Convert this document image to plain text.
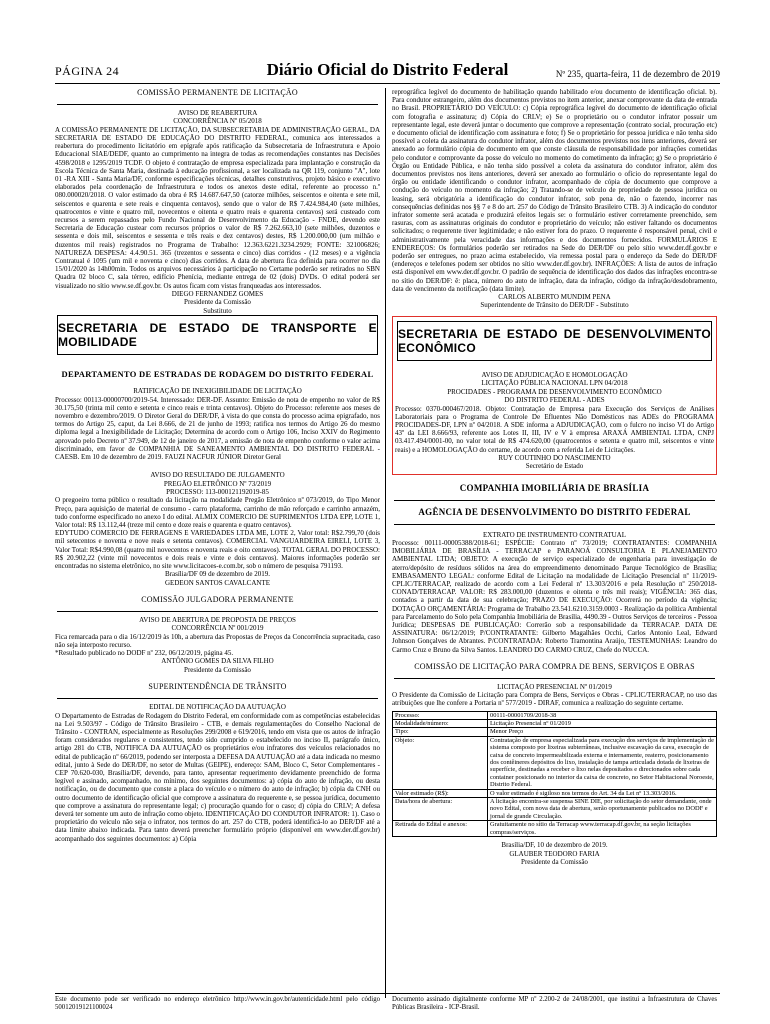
PÁGINA 24	Diário Oficial do Distrito Federal	Nº 235, quarta-feira, 11 de dezembro de 2019
COMISSÃO PERMANENTE DE LICITAÇÃO
AVISO DE REABERTURA
CONCORRÊNCIA Nº 05/2018

A COMISSÃO PERMANENTE DE LICITAÇÃO, DA SUBSECRETARIA DE ADMINISTRAÇÃO GERAL, DA SECRETARIA DE ESTADO DE EDUCAÇÃO DO DISTRITO FEDERAL, comunica aos interessados a reabertura do procedimento licitatório em epígrafe após ratificação da Subsecretaria de Infraestrutura e Apoio Educacional SIAE/DEDF, quanto ao cumprimento na integra de todas as recomendações constantes nas Decisões 4598/2018 e 1295/2019 TCDF. O objeto é contratação de empresa especializada para implantação e construção da Escola Técnica de Santa Maria, destinada à educação profissional, a ser localizada na QR 119, conjunto "A", lote 01 -RA XIII - Santa Maria/DF, conforme especificações técnicas, detalhes construtivos, projeto básico e executivo elaborados pela coordenação de Infraestrutura e todos os anexos deste edital, referente ao processo n.º 080.000020/2018. O valor estimado da obra é R$ 14.687.647,50 (catorze milhões, seiscentos e oitenta e sete mil, seiscentos e quarenta e sete reais e cinquenta centavos), sendo que o valor de R$ 7.424.984,40 (sete milhões, quatrocentos e vinte e quatro mil, novecentos e oitenta e quatro reais e quarenta centavos) será custeado com recursos a serem repassados pelo Fundo Nacional de Desenvolvimento da Educação - FNDE, devendo este Secretaria de Educação custear com recursos próprios o valor de R$ 7.262.663,10 (sete milhões, duzentos e sessenta e dois mil, seiscentos e sessenta e três reais e dez centavos) destes, R$ 1.200.000,00 (um milhão e duzentos mil reais) registrados no Programa de Trabalho: 12.363.6221.3234.2929; FONTE: 321006826; NATUREZA DESPESA: 4.4.90.51. 365 (trezentos e sessenta e cinco) dias corridos - (12 meses) e a vigência Contratual é 1095 (um mil e noventa e cinco) dias corridos. A data de abertura fica definida para ocorrer no dia 15/01/2020 às 14h00min. Todos os arquivos necessários à participação no Certame poderão ser retirados no SBN Quadra 02 bloco C, sala térreo, edifício Phenícia, mediante entrega de 02 (dois) DVDs. O edital poderá ser visualizado no sítio www.se.df.gov.br. Os autos ficam com vistas franqueadas aos interessados.

DIEGO FERNANDEZ GOMES
Presidente da Comissão
Substituto
SECRETARIA DE ESTADO DE TRANSPORTE E MOBILIDADE
DEPARTAMENTO DE ESTRADAS DE RODAGEM DO DISTRITO FEDERAL
RATIFICAÇÃO DE INEXIGIBILIDADE DE LICITAÇÃO

Processo: 00113-00000700/2019-54. Interessado: DER-DF. Assunto: Emissão de nota de empenho no valor de R$ 30.175,50 (trinta mil cento e setenta e cinco reais e trinta centavos). Objeto do Processo: referente aos meses de novembro e dezembro/2019. O Diretor Geral do DER/DF, à vista do que consta do processo acima epigrafado, nos termos do Artigo 25, caput, da Lei 8.666, de 21 de junho de 1993; ratifica nos termos do Artigo 26 do mesmo diploma legal a Inexigibilidade de Licitação; Determina de acordo com o Artigo 106, Inciso XXIV do Regimento aprovado pelo Decreto nº 37.949, de 12 de janeiro de 2017, a emissão de nota de empenho conforme o valor acima discriminado, em favor de COMPANHIA DE SANEAMENTO AMBIENTAL DO DISTRITO FEDERAL - CAESB. Em 10 de dezembro de 2019. FAUZI NACFUR JÚNIOR Diretor Geral

AVISO DO RESULTADO DE JULGAMENTO
PREGÃO ELETRÔNICO Nº 73/2019
PROCESSO: 113-000121192019-85

O pregoeiro torna público o resultado da licitação na modalidade Pregão Eletrônico nº 073/2019, do Tipo Menor Preço, para aquisição de material de consumo - carro plataforma, carrinho de mão reforçado e carrinho armazém, tudo conforme especificado no anexo I do edital. ALMIX COMERCIO DE SUPRIMENTOS LTDA EPP, LOTE 1, Valor total: R$ 13.112,44 (treze mil cento e doze reais e quarenta e quatro centavos).

EDYTUDO COMERCIO DE FERRAGENS E VARIEDADES LTDA ME, LOTE 2, Valor total: R$2.799,70 (dois mil setecentos e noventa e nove reais e setenta centavos). COMERCIAL VANGUARDEIRA EIRELI, LOTE 3, Valor Total: R$4.990,08 (quatro mil novecentos e noventa reais e oito centavos). TOTAL GERAL DO PROCESSO: R$ 20.902,22 (vinte mil novecentos e dois reais e vinte e dois centavos). Maiores informações poderão ser encontradas no sistema eletrônico, no site www.licitacoes-e.com.br, sob o número de pesquisa 791193.

Brasília/DF 09 de dezembro de 2019.
GEDEON SANTOS CAVALCANTE
COMISSÃO JULGADORA PERMANENTE
AVISO DE ABERTURA DE PROPOSTA DE PREÇOS
CONCORRÊNCIA Nº 001/2019

Fica remarcada para o dia 16/12/2019 às 10h, a abertura das Propostas de Preços da Concorrência supracitada, caso não seja interposto recurso.

*Resultado publicado no DODF nº 232, 06/12/2019, página 45.

ANTÔNIO GOMES DA SILVA FILHO
Presidente da Comissão
SUPERINTENDÊNCIA DE TRÂNSITO
EDITAL DE NOTIFICAÇÃO DA AUTUAÇÃO

O Departamento de Estradas de Rodagem do Distrito Federal, em conformidade com as competências estabelecidas na Lei 9.503/97 - Código de Trânsito Brasileiro - CTB, e demais regulamentações do Conselho Nacional de Trânsito - CONTRAN, especialmente as Resoluções 299/2008 e 619/2016, tendo em vista que os autos de infração foram considerados regulares e consistentes, tendo sido cumprido o estabelecido no inciso II, parágrafo único, artigo 281 do CTB, NOTIFICA DA AUTUAÇÃO os proprietários e/ou infratores dos veículos relacionados no edital de publicação nº 66/2019, podendo ser interposta a DEFESA DA AUTUAÇÃO até a data indicada no mesmo edital, junto à Sede do DER/DF, no setor de Multas (GEIPE), endereço: SAM, Bloco C, Setor Complementares - CEP 70.620-030, Brasília/DF, devendo, para tanto, apresentar requerimento devidamente preenchido de forma legível e assinado, acompanhado, no mínimo, dos seguintes documentos: a) cópia do auto de infração, ou desta notificação, ou de documento que conste a placa do veículo e o número do auto de infração; b) cópia da CNH ou outro documento de identificação oficial que comprove a assinatura do requerente e, se pessoa jurídica, documento que comprove a assinatura do representante legal; c) procuração quando for o caso; d) cópia do CRLV; A defesa deverá ter somente um auto de infração como objeto. IDENTIFICAÇÃO DO CONDUTOR INFRATOR: 1). Caso o proprietário do veículo não seja o infrator, nos termos do art. 257 do CTB, poderá identificá-lo ao DER/DF até a data limite abaixo indicada. Para tanto deverá preencher formulário próprio (disponível em www.der.df.gov.br) acompanhado dos seguintes documentos: a) Cópia

reprográfica legível do documento de habilitação quando habilitado e/ou documento de identificação oficial. b). Para condutor estrangeiro, além dos documentos previstos no item anterior, anexar comprovante da data de entrada no Brasil. PROPRIETÁRIO DO VEÍCULO: c) Cópia reprográfica legível do documento de identificação oficial com fotografia e assinatura; d) Cópia do CRLV; e) Se o proprietário ou o condutor infrator possuir um representante legal, este deverá juntar o documento que comprove a representação (contrato social, procuração etc) e documento oficial de identificação com assinatura e foto; f) Se o proprietário for pessoa jurídica e não tenha sido possível a coleta da assinatura do condutor infrator, além dos documentos previstos nos itens anteriores, deverá ser anexado ao formulário cópia de documento em que conste cláusula de responsabilidade por infrações cometidas pelo condutor e comprovante da posse do veículo no momento do cometimento da infração; g) Se o proprietário é Órgão ou Entidade Pública, e não tenha sido possível a coleta da assinatura do condutor infrator, além dos documentos previstos nos itens anteriores, deverá ser anexado ao formulário o ofício do representante legal do órgão ou entidade identificando o condutor infrator, acompanhado de cópia de documento que comprove a condução do veículo no momento da infração; 2) Tratando-se de veículo de propriedade de pessoa jurídica ou leasing, será obrigatória a identificação do condutor infrator, sob pena de, não o fazendo, incorrer nas consequências definidas nos §§ 7 e 8 do art. 257 do Código de Trânsito Brasileiro CTB. 3) A indicação do condutor infrator somente será acatada e produzirá efeitos legais se: o formulário estiver corretamente preenchido, sem rasuras, com as assinaturas originais do condutor e proprietário do veículo; não estiver faltando os documentos solicitados; o requerente tiver legitimidade; e não estiver fora do prazo. O requerente é responsável penal, civil e administrativamente pela veracidade das informações e dos documentos fornecidos. FORMULÁRIOS E ENDEREÇOS: Os formulários poderão ser retirados na Sede do DER/DF ou pelo sítio www.der.df.gov.br e poderão ser entregues, no prazo acima estabelecido, via remessa postal para o endereço da Sede do DER/DF (endereços e telefones podem ser obtidos no sítio www.der.df.gov.br). INFRAÇÕES: A lista de autos de infração está disponível em www.der.df.gov.br. O padrão de sequência de identificação dos dados das infrações encontra-se no sítio do DER/DF: ê: placa, número do auto de infração, data da infração, código da infração/desdobramento, data de vencimento da notificação (data limite).

CARLOS ALBERTO MUNDIM PENA
Superintendente de Trânsito do DER/DF - Substituto
SECRETARIA DE ESTADO DE DESENVOLVIMENTO ECONÔMICO
AVISO DE ADJUDICAÇÃO E HOMOLOGAÇÃO
LICITAÇÃO PÚBLICA NACIONAL LPN 04/2018
PROCIDADES - PROGRAMA DE DESENVOLVIMENTO ECONÔMICO
DO DISTRITO FEDERAL - ADES

Processo: 0370-000467/2018. Objeto: Contratação de Empresa para Execução dos Serviços de Análises Laboratoriais para o Programa de Controle De Efluentes Não Domésticos nas ADEs do PROGRAMA PROCIDADES-DF, LPN nº 04/2018. A SDE informa a ADJUDICAÇÃO, com o fulcro no inciso VI do Artigo 43º da LEI 8.666/93, referente aos Lotes II, III, IV e V à empresa ARAXÁ AMBIENTAL LTDA, CNPJ 03.417.494/0001-00, no valor total de R$ 474.620,00 (quatrocentos e setenta e quatro mil, seiscentos e vinte reais) e a HOMOLOGAÇÃO do certame, de acordo com a referida Lei de Licitações.

RUY COUTINHO DO NASCIMENTO
Secretário de Estado
COMPANHIA IMOBILIÁRIA DE BRASÍLIA
AGÊNCIA DE DESENVOLVIMENTO DO DISTRITO FEDERAL
EXTRATO DE INSTRUMENTO CONTRATUAL

Processo: 00111-00005388/2018-61; ESPÉCIE: Contrato nº 73/2019; CONTRATANTES: COMPANHIA IMOBILIÁRIA DE BRASÍLIA - TERRACAP e PARANOÁ CONSULTORIA E PLANEJAMENTO AMBIENTAL LTDA; OBJETO: A execução de serviço especializado de engenharia para investigação de aterro/depósito de resíduos sólidos na área do empreendimento denominado Parque Tecnológico de Brasília; EMBASAMENTO LEGAL: conforme Edital de Licitação na modalidade de Licitação Presencial nº 11/2019-CPLIC/TERRACAP, realizado de acordo com a Lei Federal nº 13.303/2016 e pela Resolução nº 250/2018-CONAD/TERRACAP. VALOR: R$ 283.000,00 (duzentos e oitenta e três mil reais); VIGÊNCIA: 365 dias, contados a partir da data de sua celebração; PRAZO DE EXECUÇÃO: Ocorrerá no período da vigência; DOTAÇÃO ORÇAMENTÁRIA: Programa de Trabalho 23.541.6210.3159.0003 - Realização da política Ambiental para Parcelamento do Solo pela Companhia Imobiliária de Brasília, 4490.39 - Outros Serviços de terceiros - Pessoa Jurídica; DESPESAS DE PUBLICAÇÃO: Correrão sob a responsabilidade da TERRACAP. DATA DE ASSINATURA: 06/12/2019; P/CONTRATANTE: Gilberto Magalhães Occhi, Carlos Antonio Leal, Edward Johnson Gonçalves de Abrantes. P/CONTRATADA: Roberto Tramontina Araújo, TESTEMUNHAS: Leandro do Carmo Cruz e Bruno da Silva Santos. LEANDRO DO CARMO CRUZ, Chefe do NUCCA.

COMISSÃO DE LICITAÇÃO PARA COMPRA DE BENS, SERVIÇOS E OBRAS
LICITAÇÃO PRESENCIAL Nº 01/2019

O Presidente da Comissão de Licitação para Compra de Bens, Serviços e Obras - CPLIC/TERRACAP, no uso das atribuições que lhe confere a Portaria nº 577/2019 - DIRAF, comunica a realização do seguinte certame.

Processo:	00111-00001709/2018-38
Modalidade/número:	Licitação Presencial nº 01/2019
Tipo:	Menor Preço
Objeto:	Contratação de empresa especializada para execução dos serviços de implementação de sistema composto por lixeiras subterrâneas, inclusive escavação da cava, execução de caixa de concreto impermeabilizada externa e internamente, reaterro, posicionamento dos contêineres depósitos do lixo, instalação de tampa articulada dotada de lixeiras de superfície, destinadas a receber o lixo nelas depositados e direcionados sobre cada container posicionado no interior da caixa de concreto, no Setor Habitacional Noroeste, Distrito Federal.
Valor estimado (R$):	O valor estimado é sigiloso nos termos do Art. 34 da Lei nº 13.303/2016.
Data/hora de abertura:	A licitação encontra-se suspensa SINE DIE, por solicitação do setor demandante, onde novo Edital, com nova data de abertura, serão oportunamente publicados no DODF e jornal de grande Circulação.
Retirada do Edital e anexos:	Gratuitamente no sítio da Terracap www.terracap.df.gov.br, na seção licitações compras/serviços.
Brasília/DF, 10 de dezembro de 2019.
GLAUBER TEODORO FARIA
Presidente da Comissão
Este documento pode ser verificado no endereço eletrônico http://www.in.gov.br/autenticidade.html pelo código 50012019121100024
Documento assinado digitalmente conforme MP nº 2.200-2 de 24/08/2001, que institui a Infraestrutura de Chaves Públicas Brasileira - ICP-Brasil.
